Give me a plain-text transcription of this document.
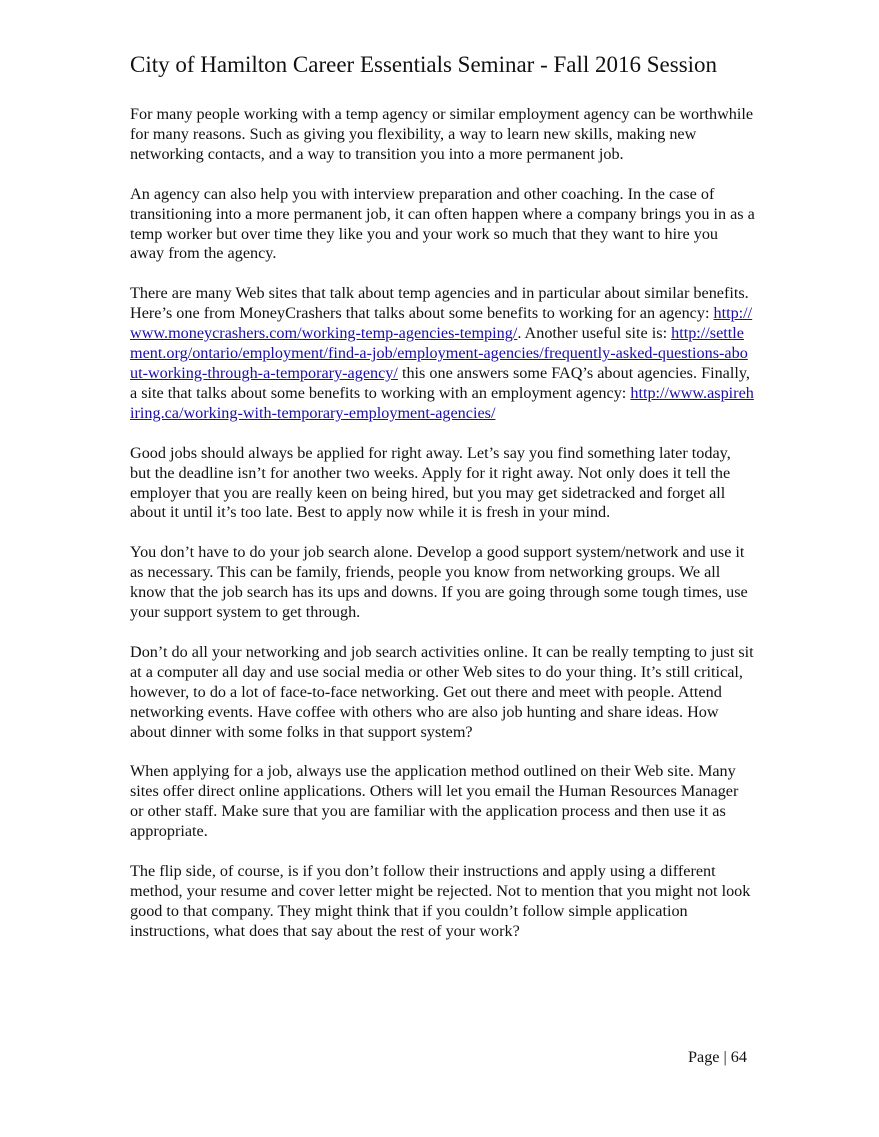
City of Hamilton Career Essentials Seminar - Fall 2016 Session

For many people working with a temp agency or similar employment agency can be worthwhile for many reasons. Such as giving you flexibility, a way to learn new skills, making new networking contacts, and a way to transition you into a more permanent job.

An agency can also help you with interview preparation and other coaching. In the case of transitioning into a more permanent job, it can often happen where a company brings you in as a temp worker but over time they like you and your work so much that they want to hire you away from the agency.

There are many Web sites that talk about temp agencies and in particular about similar benefits. Here’s one from MoneyCrashers that talks about some benefits to working for an agency: http://www.moneycrashers.com/working-temp-agencies-temping/. Another useful site is: http://settlement.org/ontario/employment/find-a-job/employment-agencies/frequently-asked-questions-about-working-through-a-temporary-agency/ this one answers some FAQ’s about agencies. Finally, a site that talks about some benefits to working with an employment agency: http://www.aspirehiring.ca/working-with-temporary-employment-agencies/

Good jobs should always be applied for right away. Let’s say you find something later today, but the deadline isn’t for another two weeks. Apply for it right away. Not only does it tell the employer that you are really keen on being hired, but you may get sidetracked and forget all about it until it’s too late. Best to apply now while it is fresh in your mind.

You don’t have to do your job search alone. Develop a good support system/network and use it as necessary. This can be family, friends, people you know from networking groups. We all know that the job search has its ups and downs. If you are going through some tough times, use your support system to get through.

Don’t do all your networking and job search activities online. It can be really tempting to just sit at a computer all day and use social media or other Web sites to do your thing. It’s still critical, however, to do a lot of face-to-face networking. Get out there and meet with people. Attend networking events. Have coffee with others who are also job hunting and share ideas. How about dinner with some folks in that support system?

When applying for a job, always use the application method outlined on their Web site. Many sites offer direct online applications. Others will let you email the Human Resources Manager or other staff. Make sure that you are familiar with the application process and then use it as appropriate.

The flip side, of course, is if you don’t follow their instructions and apply using a different method, your resume and cover letter might be rejected. Not to mention that you might not look good to that company. They might think that if you couldn’t follow simple application instructions, what does that say about the rest of your work?

Page | 64
